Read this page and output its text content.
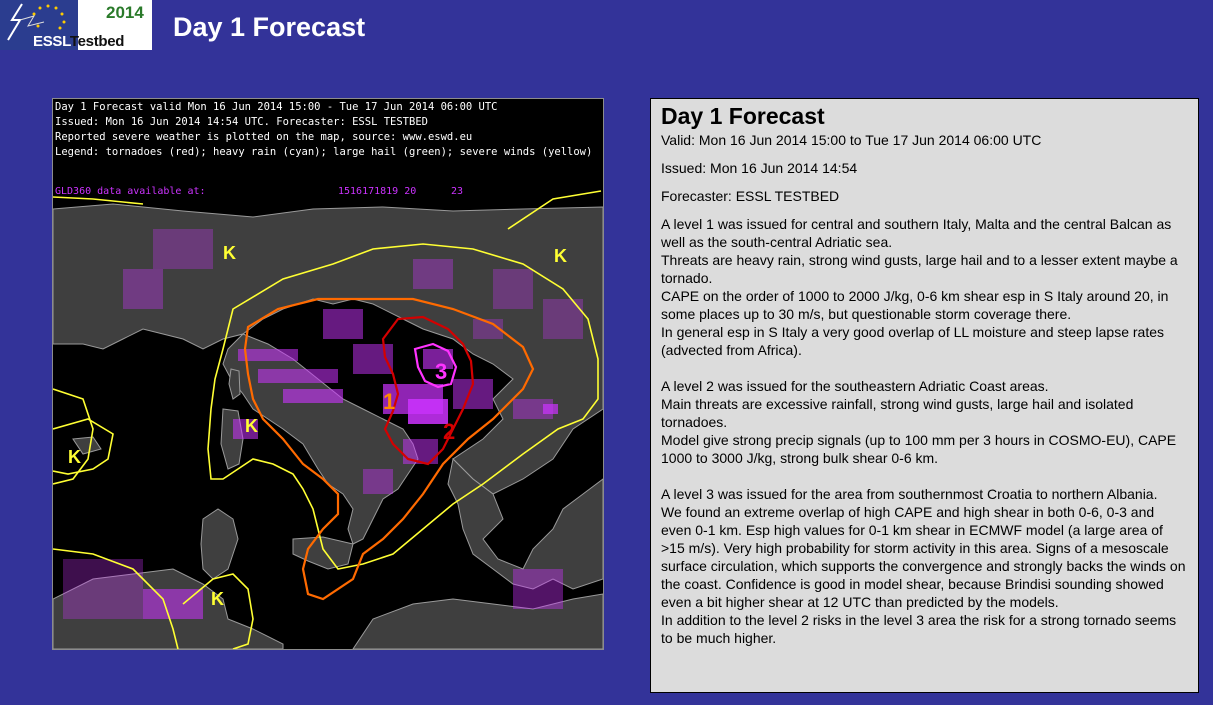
2014
ESSLTestbed Day 1 Forecast
Day 1 Forecast valid Mon 16 Jun 2014 15:00 - Tue 17 Jun 2014 06:00 UTC
Issued: Mon 16 Jun 2014 14:54 UTC. Forecaster: ESSL TESTBED
Reported severe weather is plotted on the map, source: www.eswd.eu
Legend: tornadoes (red); heavy rain (cyan); large hail (green); severe winds (yellow)
GLD360 data available at:	1516171819 20	23
1
2
3
K	K
K
K
K
Day 1 Forecast

Valid: Mon 16 Jun 2014 15:00 to Tue 17 Jun 2014 06:00 UTC

Issued: Mon 16 Jun 2014 14:54

Forecaster: ESSL TESTBED

A level 1 was issued for central and southern Italy, Malta and the central Balcan as well as the south-central Adriatic sea.
Threats are heavy rain, strong wind gusts, large hail and to a lesser extent maybe a tornado.
CAPE on the order of 1000 to 2000 J/kg, 0-6 km shear esp in S Italy around 20, in some places up to 30 m/s, but questionable storm coverage there.
In general esp in S Italy a very good overlap of LL moisture and steep lapse rates (advected from Africa).
A level 2 was issued for the southeastern Adriatic Coast areas.
Main threats are excessive rainfall, strong wind gusts, large hail and isolated tornadoes.
Model give strong precip signals (up to 100 mm per 3 hours in COSMO-EU), CAPE 1000 to 3000 J/kg, strong bulk shear 0-6 km.
A level 3 was issued for the area from southernmost Croatia to northern Albania.
We found an extreme overlap of high CAPE and high shear in both 0-6, 0-3 and even 0-1 km. Esp high values for 0-1 km shear in ECMWF model (a large area of >15 m/s). Very high probability for storm activity in this area. Signs of a mesoscale surface circulation, which supports the convergence and strongly backs the winds on the coast. Confidence is good in model shear, because Brindisi sounding showed even a bit higher shear at 12 UTC than predicted by the models.
In addition to the level 2 risks in the level 3 area the risk for a strong tornado seems to be much higher.
